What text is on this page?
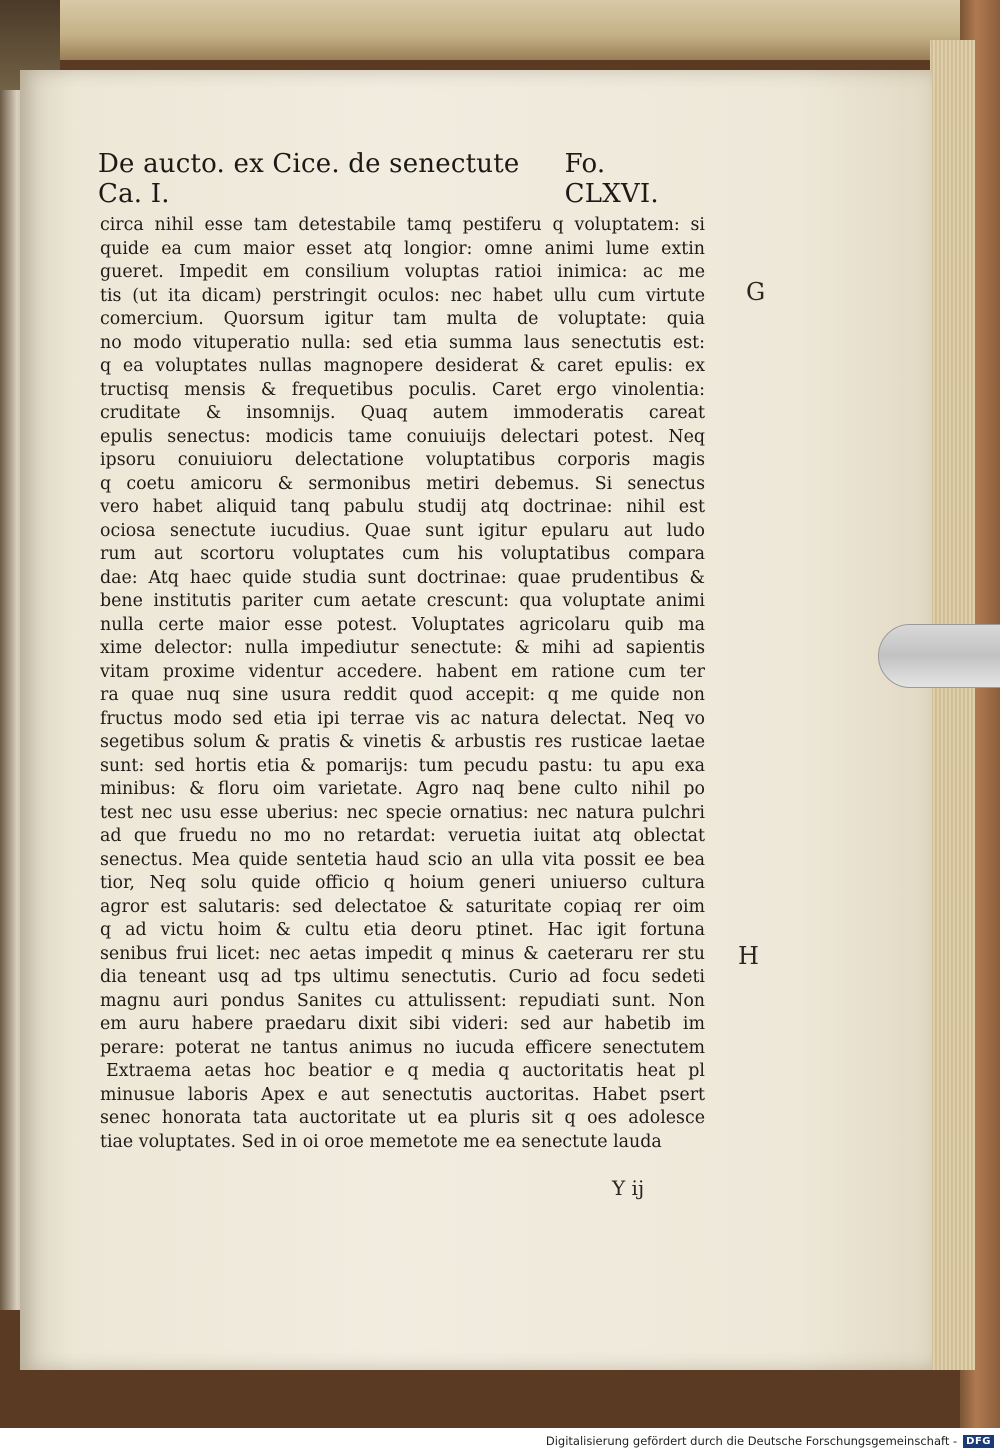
De aucto. ex Cice. de senectute Ca. I.
Fo. CLXVI.
circa nihil esse tam detestabile tamq pestiferu q voluptatem: si
quide ea cum maior esset atq longior: omne animi lume extin
gueret. Impedit em consilium voluptas ratioi inimica: ac me
tis (ut ita dicam) perstringit oculos: nec habet ullu cum virtute
comercium. Quorsum igitur tam multa de voluptate: quia
no modo vituperatio nulla: sed etia summa laus senectutis est:
q ea voluptates nullas magnopere desiderat & caret epulis: ex
tructisq mensis & frequetibus poculis. Caret ergo vinolentia:
cruditate & insomnijs. Quaq autem immoderatis careat
epulis senectus: modicis tame conuiuijs delectari potest. Neq
ipsoru conuiuioru delectatione voluptatibus corporis magis
q coetu amicoru & sermonibus metiri debemus. Si senectus
vero habet aliquid tanq pabulu studij atq doctrinae: nihil est
ociosa senectute iucudius. Quae sunt igitur epularu aut ludo
rum aut scortoru voluptates cum his voluptatibus compara
dae: Atq haec quide studia sunt doctrinae: quae prudentibus &
bene institutis pariter cum aetate crescunt: qua voluptate animi
nulla certe maior esse potest. Voluptates agricolaru quib ma
xime delector: nulla impediutur senectute: & mihi ad sapientis
vitam proxime videntur accedere. habent em ratione cum ter
ra quae nuq sine usura reddit quod accepit: q me quide non
fructus modo sed etia ipi terrae vis ac natura delectat. Neq vo
segetibus solum & pratis & vinetis & arbustis res rusticae laetae
sunt: sed hortis etia & pomarijs: tum pecudu pastu: tu apu exa
minibus: & floru oim varietate. Agro naq bene culto nihil po
test nec usu esse uberius: nec specie ornatius: nec natura pulchri
ad que fruedu no mo no retardat: veruetia iuitat atq oblectat
senectus. Mea quide sentetia haud scio an ulla vita possit ee bea
tior, Neq solu quide officio q hoium generi uniuerso cultura
agror est salutaris: sed delectatoe & saturitate copiaq rer oim
q ad victu hoim & cultu etia deoru ptinet. Hac igit fortuna
senibus frui licet: nec aetas impedit q minus & caeteraru rer stu
dia teneant usq ad tps ultimu senectutis. Curio ad focu sedeti
magnu auri pondus Sanites cu attulissent: repudiati sunt. Non
em auru habere praedaru dixit sibi videri: sed aur habetib im
perare: poterat ne tantus animus no iucuda efficere senectutem
Extraema aetas hoc beatior e q media q auctoritatis heat pl
minusue laboris Apex e aut senectutis auctoritas. Habet psert
senec honorata tata auctoritate ut ea pluris sit q oes adolesce
tiae voluptates. Sed in oi oroe memetote me ea senectute lauda
G
H
Y ij
Digitalisierung gefördert durch die Deutsche Forschungsgemeinschaft - DFG
